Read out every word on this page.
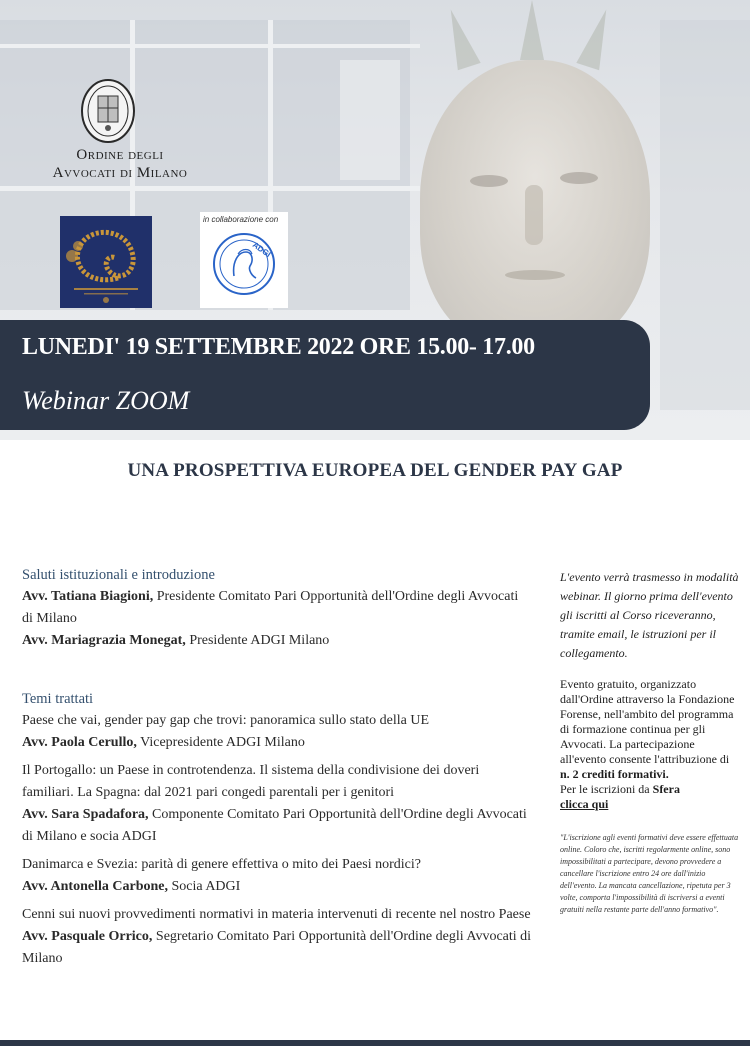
Ordine degli
Avvocati di Milano
in collaborazione con
ADGI
LUNEDI' 19 SETTEMBRE 2022 ORE 15.00- 17.00
Webinar ZOOM
UNA PROSPETTIVA EUROPEA DEL GENDER PAY GAP
Saluti istituzionali e introduzione
Avv. Tatiana Biagioni, Presidente Comitato Pari Opportunità dell'Ordine degli Avvocati di Milano
Avv. Mariagrazia Monegat, Presidente ADGI Milano
Temi trattati
Paese che vai, gender pay gap che trovi: panoramica sullo stato della UE
Avv. Paola Cerullo, Vicepresidente ADGI Milano
Il Portogallo: un Paese in controtendenza. Il sistema della condivisione dei doveri familiari. La Spagna: dal 2021 pari congedi parentali per i genitori
Avv. Sara Spadafora, Componente Comitato Pari Opportunità dell'Ordine degli Avvocati di Milano e socia ADGI
Danimarca e Svezia: parità di genere effettiva o mito dei Paesi nordici?
Avv. Antonella Carbone, Socia ADGI
Cenni sui nuovi provvedimenti normativi in materia intervenuti di recente nel nostro Paese
Avv. Pasquale Orrico, Segretario Comitato Pari Opportunità dell'Ordine degli Avvocati di Milano
L'evento verrà trasmesso in modalità webinar. Il giorno prima dell'evento gli iscritti al Corso riceveranno, tramite email, le istruzioni per il collegamento.
Evento gratuito, organizzato dall'Ordine attraverso la Fondazione Forense, nell'ambito del programma di formazione continua per gli Avvocati. La partecipazione all'evento consente l'attribuzione di n. 2 crediti formativi.
Per le iscrizioni da Sfera
clicca qui
"L'iscrizione agli eventi formativi deve essere effettuata online. Coloro che, iscritti regolarmente online, sono impossibilitati a partecipare, devono provvedere a cancellare l'iscrizione entro 24 ore dall'inizio dell'evento. La mancata cancellazione, ripetuta per 3 volte, comporta l'impossibilità di iscriversi a eventi gratuiti nella restante parte dell'anno formativo".
